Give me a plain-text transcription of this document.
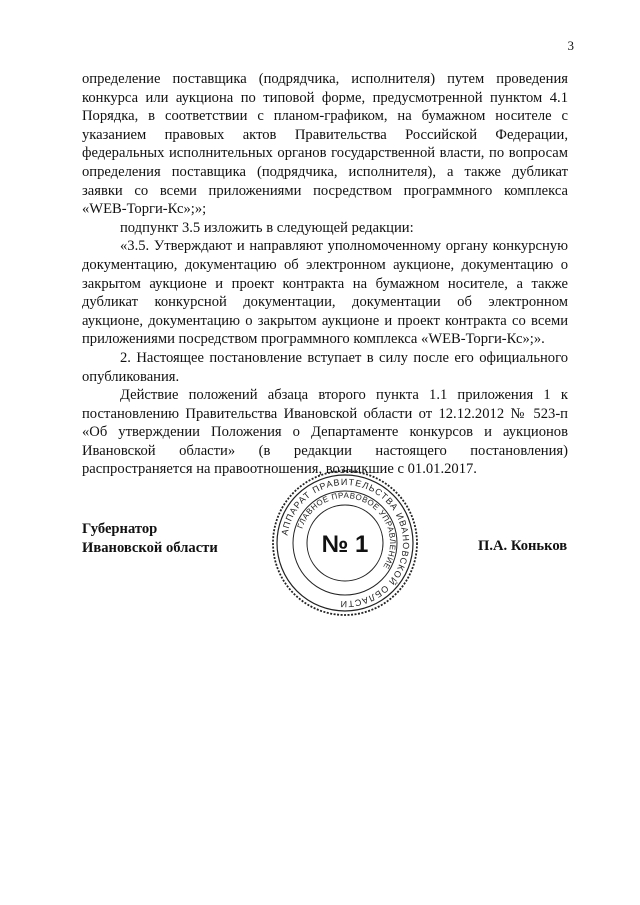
3

определение поставщика (подрядчика, исполнителя) путем проведения конкурса или аукциона по типовой форме, предусмотренной пунктом 4.1 Порядка, в соответствии с планом-графиком, на бумажном носителе с указанием правовых актов Правительства Российской Федерации, федеральных исполнительных органов государственной власти, по вопросам определения поставщика (подрядчика, исполнителя), а также дубликат заявки со всеми приложениями посредством программного комплекса «WEB-Торги-Кс»;»;

подпункт 3.5 изложить в следующей редакции:

«3.5. Утверждают и направляют уполномоченному органу конкурсную документацию, документацию об электронном аукционе, документацию о закрытом аукционе и проект контракта на бумажном носителе, а также дубликат конкурсной документации, документации об электронном аукционе, документацию о закрытом аукционе и проект контракта со всеми приложениями посредством программного комплекса «WEB-Торги-Кс»;».

2. Настоящее постановление вступает в силу после его официального опубликования.

Действие положений абзаца второго пункта 1.1 приложения 1 к постановлению Правительства Ивановской области от 12.12.2012 № 523-п «Об утверждении Положения о Департаменте конкурсов и аукционов Ивановской области» (в редакции настоящего постановления) распространяется на правоотношения, возникшие с 01.01.2017.

Губернатор
Ивановской области	П.А. Коньков
АППАРАТ ПРАВИТЕЛЬСТВА ИВАНОВСКОЙ ОБЛАСТИ
ГЛАВНОЕ ПРАВОВОЕ УПРАВЛЕНИЕ
№ 1
